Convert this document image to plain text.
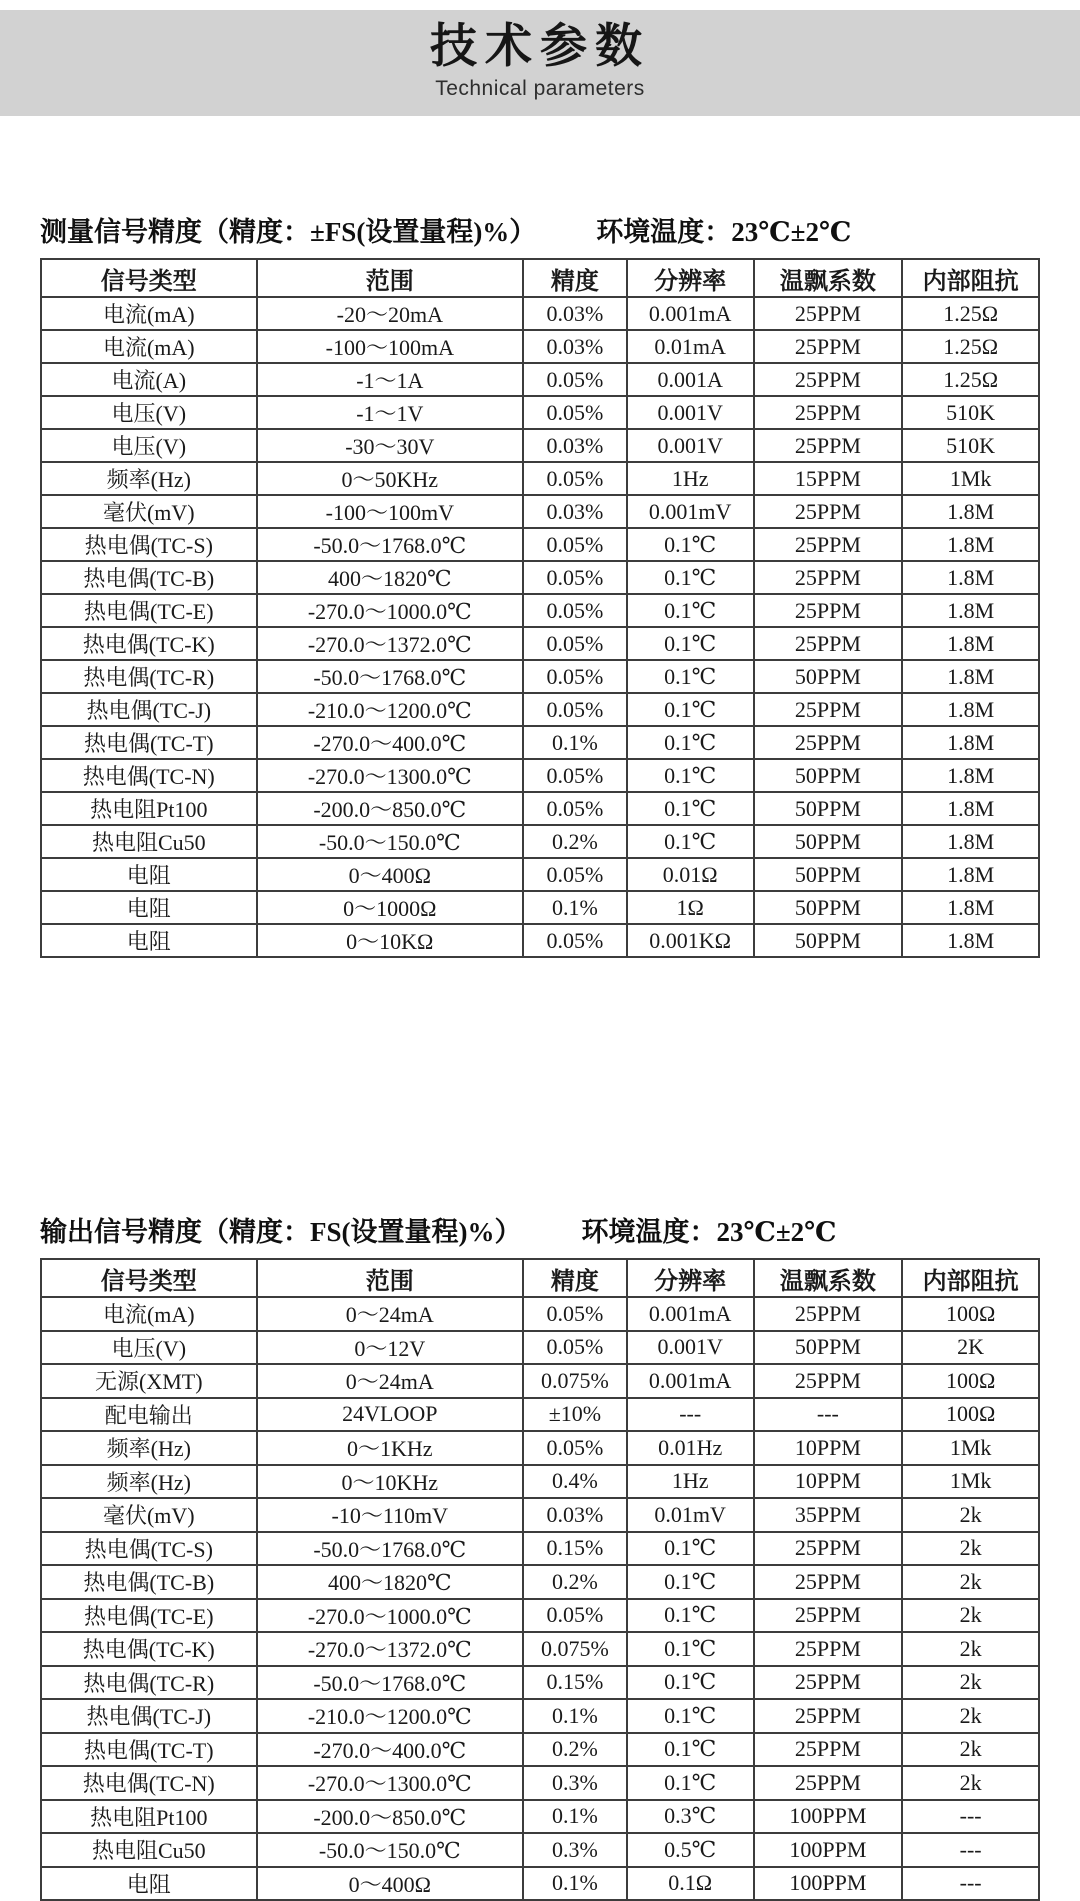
技术参数
Technical parameters
测量信号精度（精度：±FS(设置量程)%） 环境温度：23℃±2℃
信号类型	范围	精度	分辨率	温飘系数	内部阻抗
电流(mA)	-20～20mA	0.03%	0.001mA	25PPM	1.25Ω
电流(mA)	-100～100mA	0.03%	0.01mA	25PPM	1.25Ω
电流(A)	-1～1A	0.05%	0.001A	25PPM	1.25Ω
电压(V)	-1～1V	0.05%	0.001V	25PPM	510K
电压(V)	-30～30V	0.03%	0.001V	25PPM	510K
频率(Hz)	0～50KHz	0.05%	1Hz	15PPM	1Mk
毫伏(mV)	-100～100mV	0.03%	0.001mV	25PPM	1.8M
热电偶(TC-S)	-50.0～1768.0℃	0.05%	0.1℃	25PPM	1.8M
热电偶(TC-B)	400～1820℃	0.05%	0.1℃	25PPM	1.8M
热电偶(TC-E)	-270.0～1000.0℃	0.05%	0.1℃	25PPM	1.8M
热电偶(TC-K)	-270.0～1372.0℃	0.05%	0.1℃	25PPM	1.8M
热电偶(TC-R)	-50.0～1768.0℃	0.05%	0.1℃	50PPM	1.8M
热电偶(TC-J)	-210.0～1200.0℃	0.05%	0.1℃	25PPM	1.8M
热电偶(TC-T)	-270.0～400.0℃	0.1%	0.1℃	25PPM	1.8M
热电偶(TC-N)	-270.0～1300.0℃	0.05%	0.1℃	50PPM	1.8M
热电阻Pt100	-200.0～850.0℃	0.05%	0.1℃	50PPM	1.8M
热电阻Cu50	-50.0～150.0℃	0.2%	0.1℃	50PPM	1.8M
电阻	0～400Ω	0.05%	0.01Ω	50PPM	1.8M
电阻	0～1000Ω	0.1%	1Ω	50PPM	1.8M
电阻	0～10KΩ	0.05%	0.001KΩ	50PPM	1.8M
输出信号精度（精度：FS(设置量程)%） 环境温度：23℃±2℃
信号类型	范围	精度	分辨率	温飘系数	内部阻抗
电流(mA)	0～24mA	0.05%	0.001mA	25PPM	100Ω
电压(V)	0～12V	0.05%	0.001V	50PPM	2K
无源(XMT)	0～24mA	0.075%	0.001mA	25PPM	100Ω
配电输出	24VLOOP	±10%	---	---	100Ω
频率(Hz)	0～1KHz	0.05%	0.01Hz	10PPM	1Mk
频率(Hz)	0～10KHz	0.4%	1Hz	10PPM	1Mk
毫伏(mV)	-10～110mV	0.03%	0.01mV	35PPM	2k
热电偶(TC-S)	-50.0～1768.0℃	0.15%	0.1℃	25PPM	2k
热电偶(TC-B)	400～1820℃	0.2%	0.1℃	25PPM	2k
热电偶(TC-E)	-270.0～1000.0℃	0.05%	0.1℃	25PPM	2k
热电偶(TC-K)	-270.0～1372.0℃	0.075%	0.1℃	25PPM	2k
热电偶(TC-R)	-50.0～1768.0℃	0.15%	0.1℃	25PPM	2k
热电偶(TC-J)	-210.0～1200.0℃	0.1%	0.1℃	25PPM	2k
热电偶(TC-T)	-270.0～400.0℃	0.2%	0.1℃	25PPM	2k
热电偶(TC-N)	-270.0～1300.0℃	0.3%	0.1℃	25PPM	2k
热电阻Pt100	-200.0～850.0℃	0.1%	0.3℃	100PPM	---
热电阻Cu50	-50.0～150.0℃	0.3%	0.5℃	100PPM	---
电阻	0～400Ω	0.1%	0.1Ω	100PPM	---
